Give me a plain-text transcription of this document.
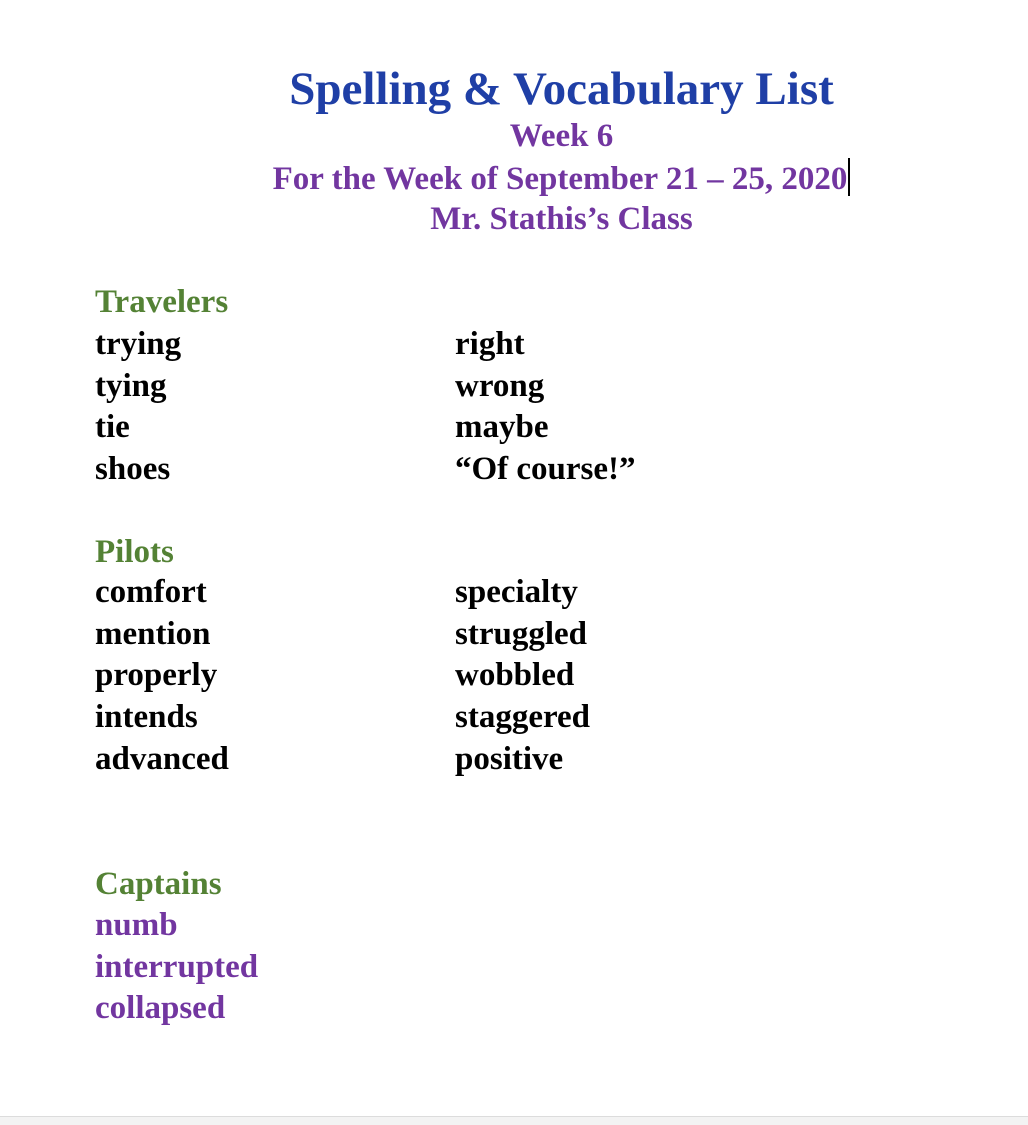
Spelling & Vocabulary List
Week 6
For the Week of September 21 – 25, 2020
Mr. Stathis’s Class
Travelers
trying
tying
tie
shoes
right
wrong
maybe
“Of course!”
Pilots
comfort
mention
properly
intends
advanced
specialty
struggled
wobbled
staggered
positive
Captains
numb
interrupted
collapsed
